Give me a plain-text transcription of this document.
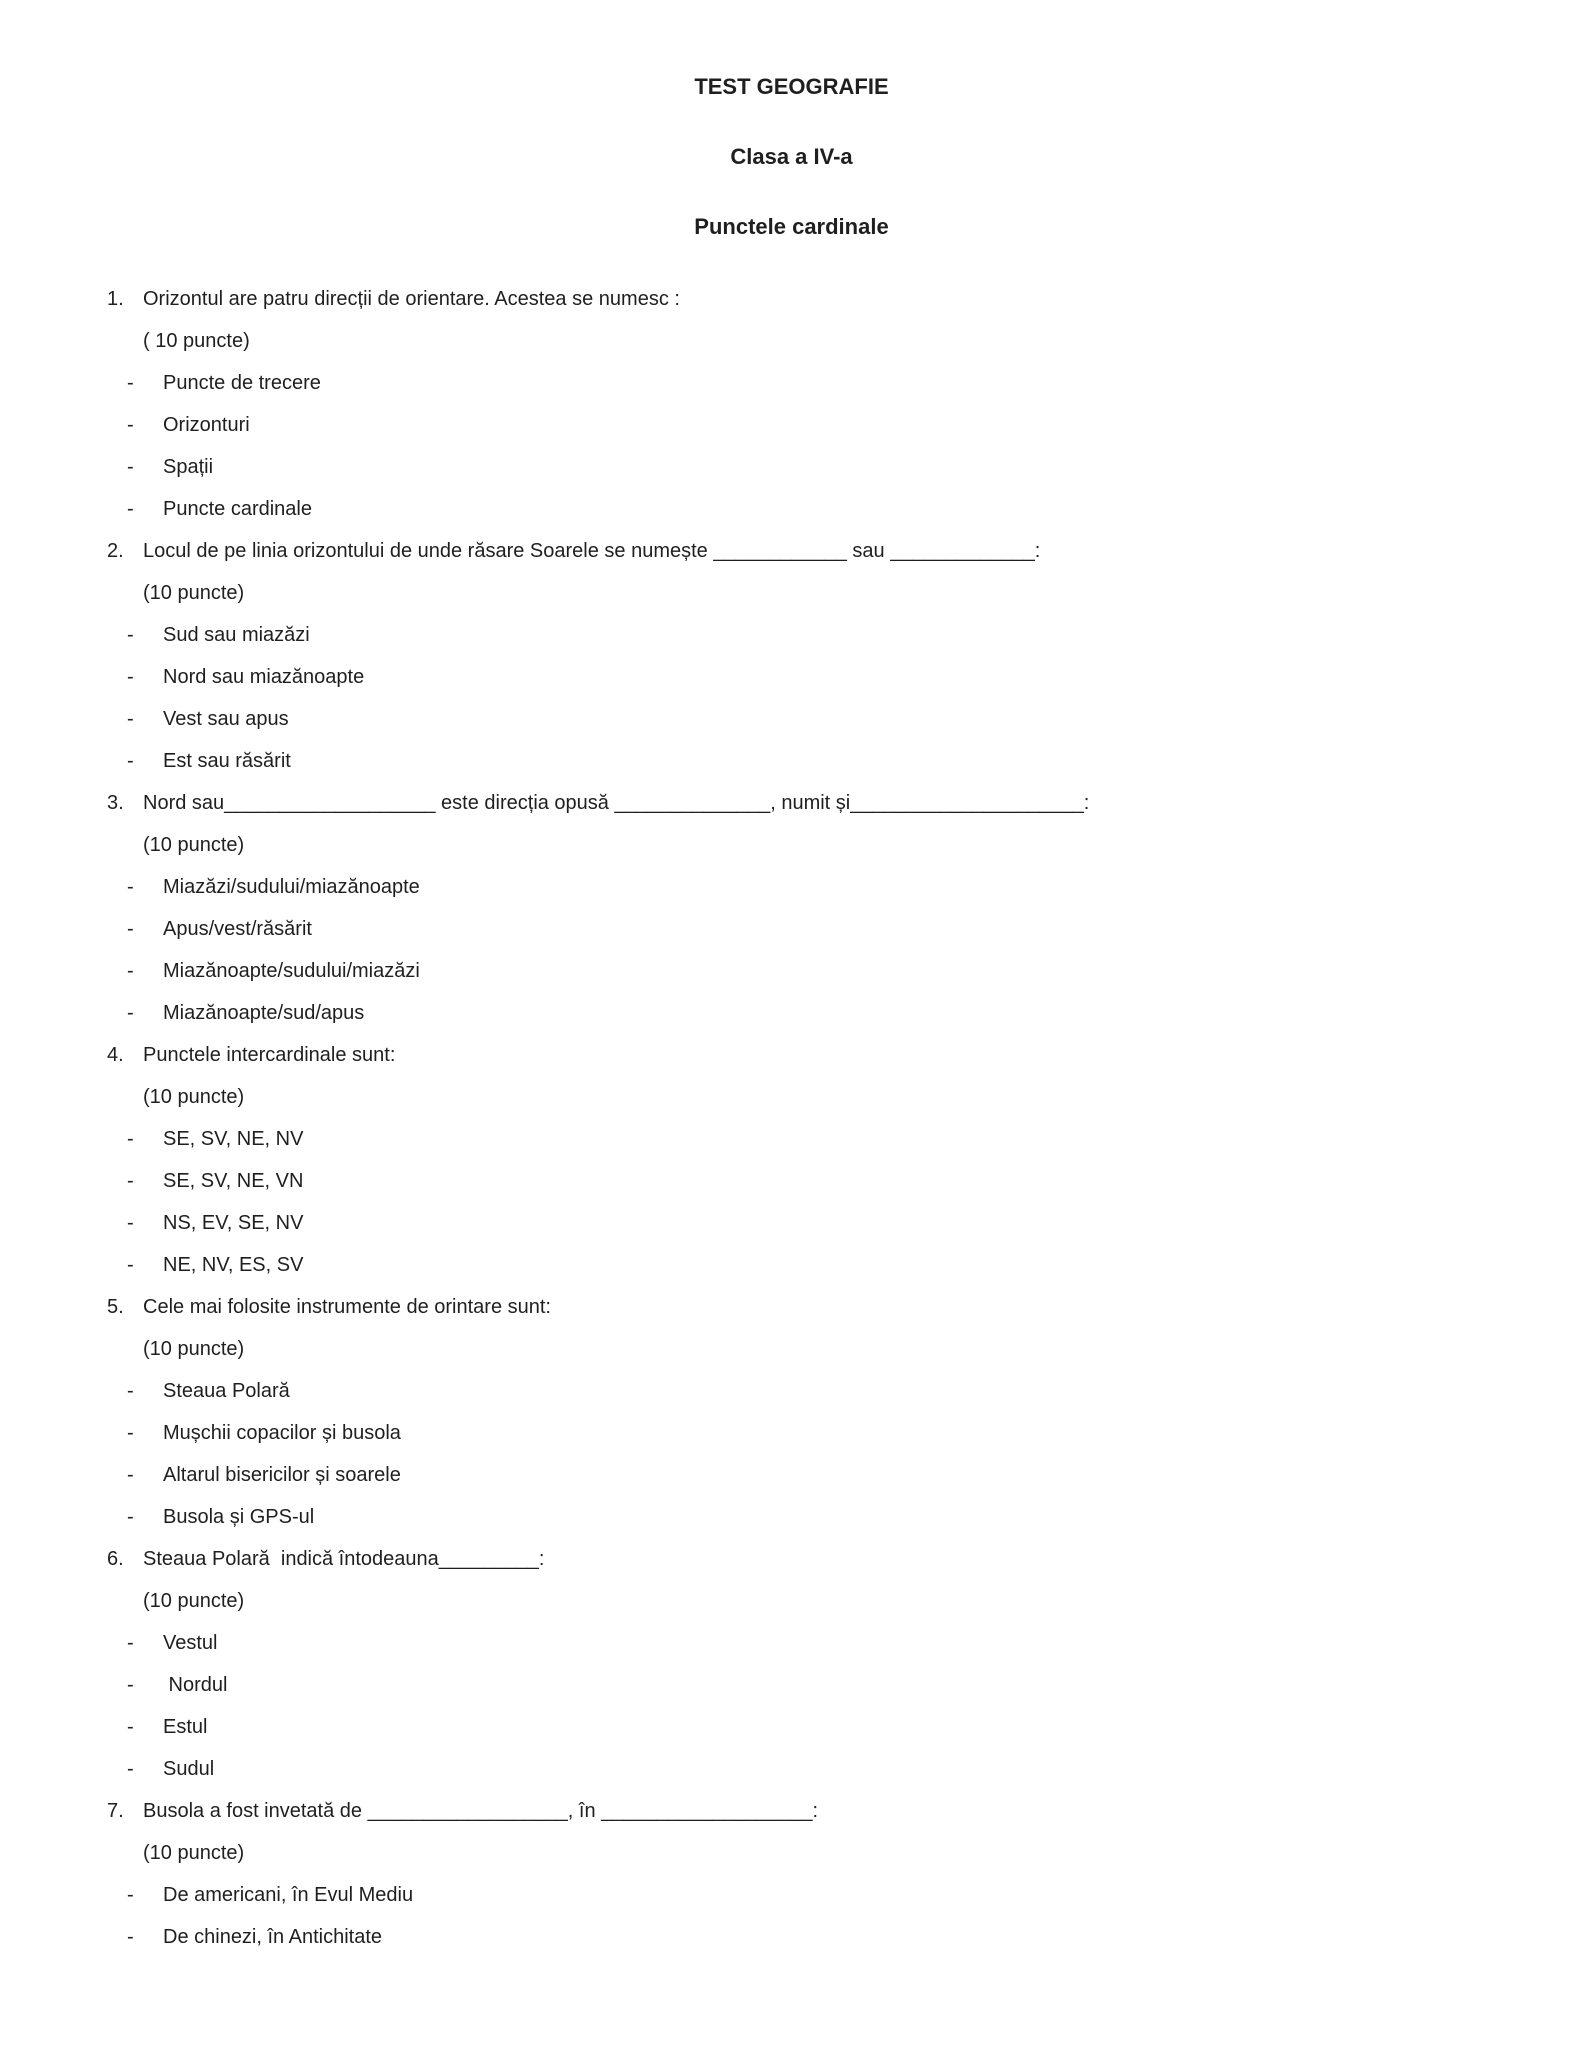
TEST GEOGRAFIE
Clasa a IV-a
Punctele cardinale
1. Orizontul are patru direcții de orientare. Acestea se numesc :
( 10 puncte)
- Puncte de trecere
- Orizonturi
- Spații
- Puncte cardinale
2. Locul de pe linia orizontului de unde răsare Soarele se numește ____________ sau _____________:
(10 puncte)
- Sud sau miazăzi
- Nord sau miazănoapte
- Vest sau apus
- Est sau răsărit
3. Nord sau___________________ este direcția opusă ______________, numit și_____________________:
(10 puncte)
- Miazăzi/sudului/miazănoapte
- Apus/vest/răsărit
- Miazănoapte/sudului/miazăzi
- Miazănoapte/sud/apus
4. Punctele intercardinale sunt:
(10 puncte)
- SE, SV, NE, NV
- SE, SV, NE, VN
- NS, EV, SE, NV
- NE, NV, ES, SV
5. Cele mai folosite instrumente de orintare sunt:
(10 puncte)
- Steaua Polară
- Mușchii copacilor și busola
- Altarul bisericilor și soarele
- Busola și GPS-ul
6. Steaua Polară  indică întodeauna_________:
(10 puncte)
- Vestul
- Nordul
- Estul
- Sudul
7. Busola a fost invetată de __________________, în ___________________:
(10 puncte)
- De americani, în Evul Mediu
- De chinezi, în Antichitate
